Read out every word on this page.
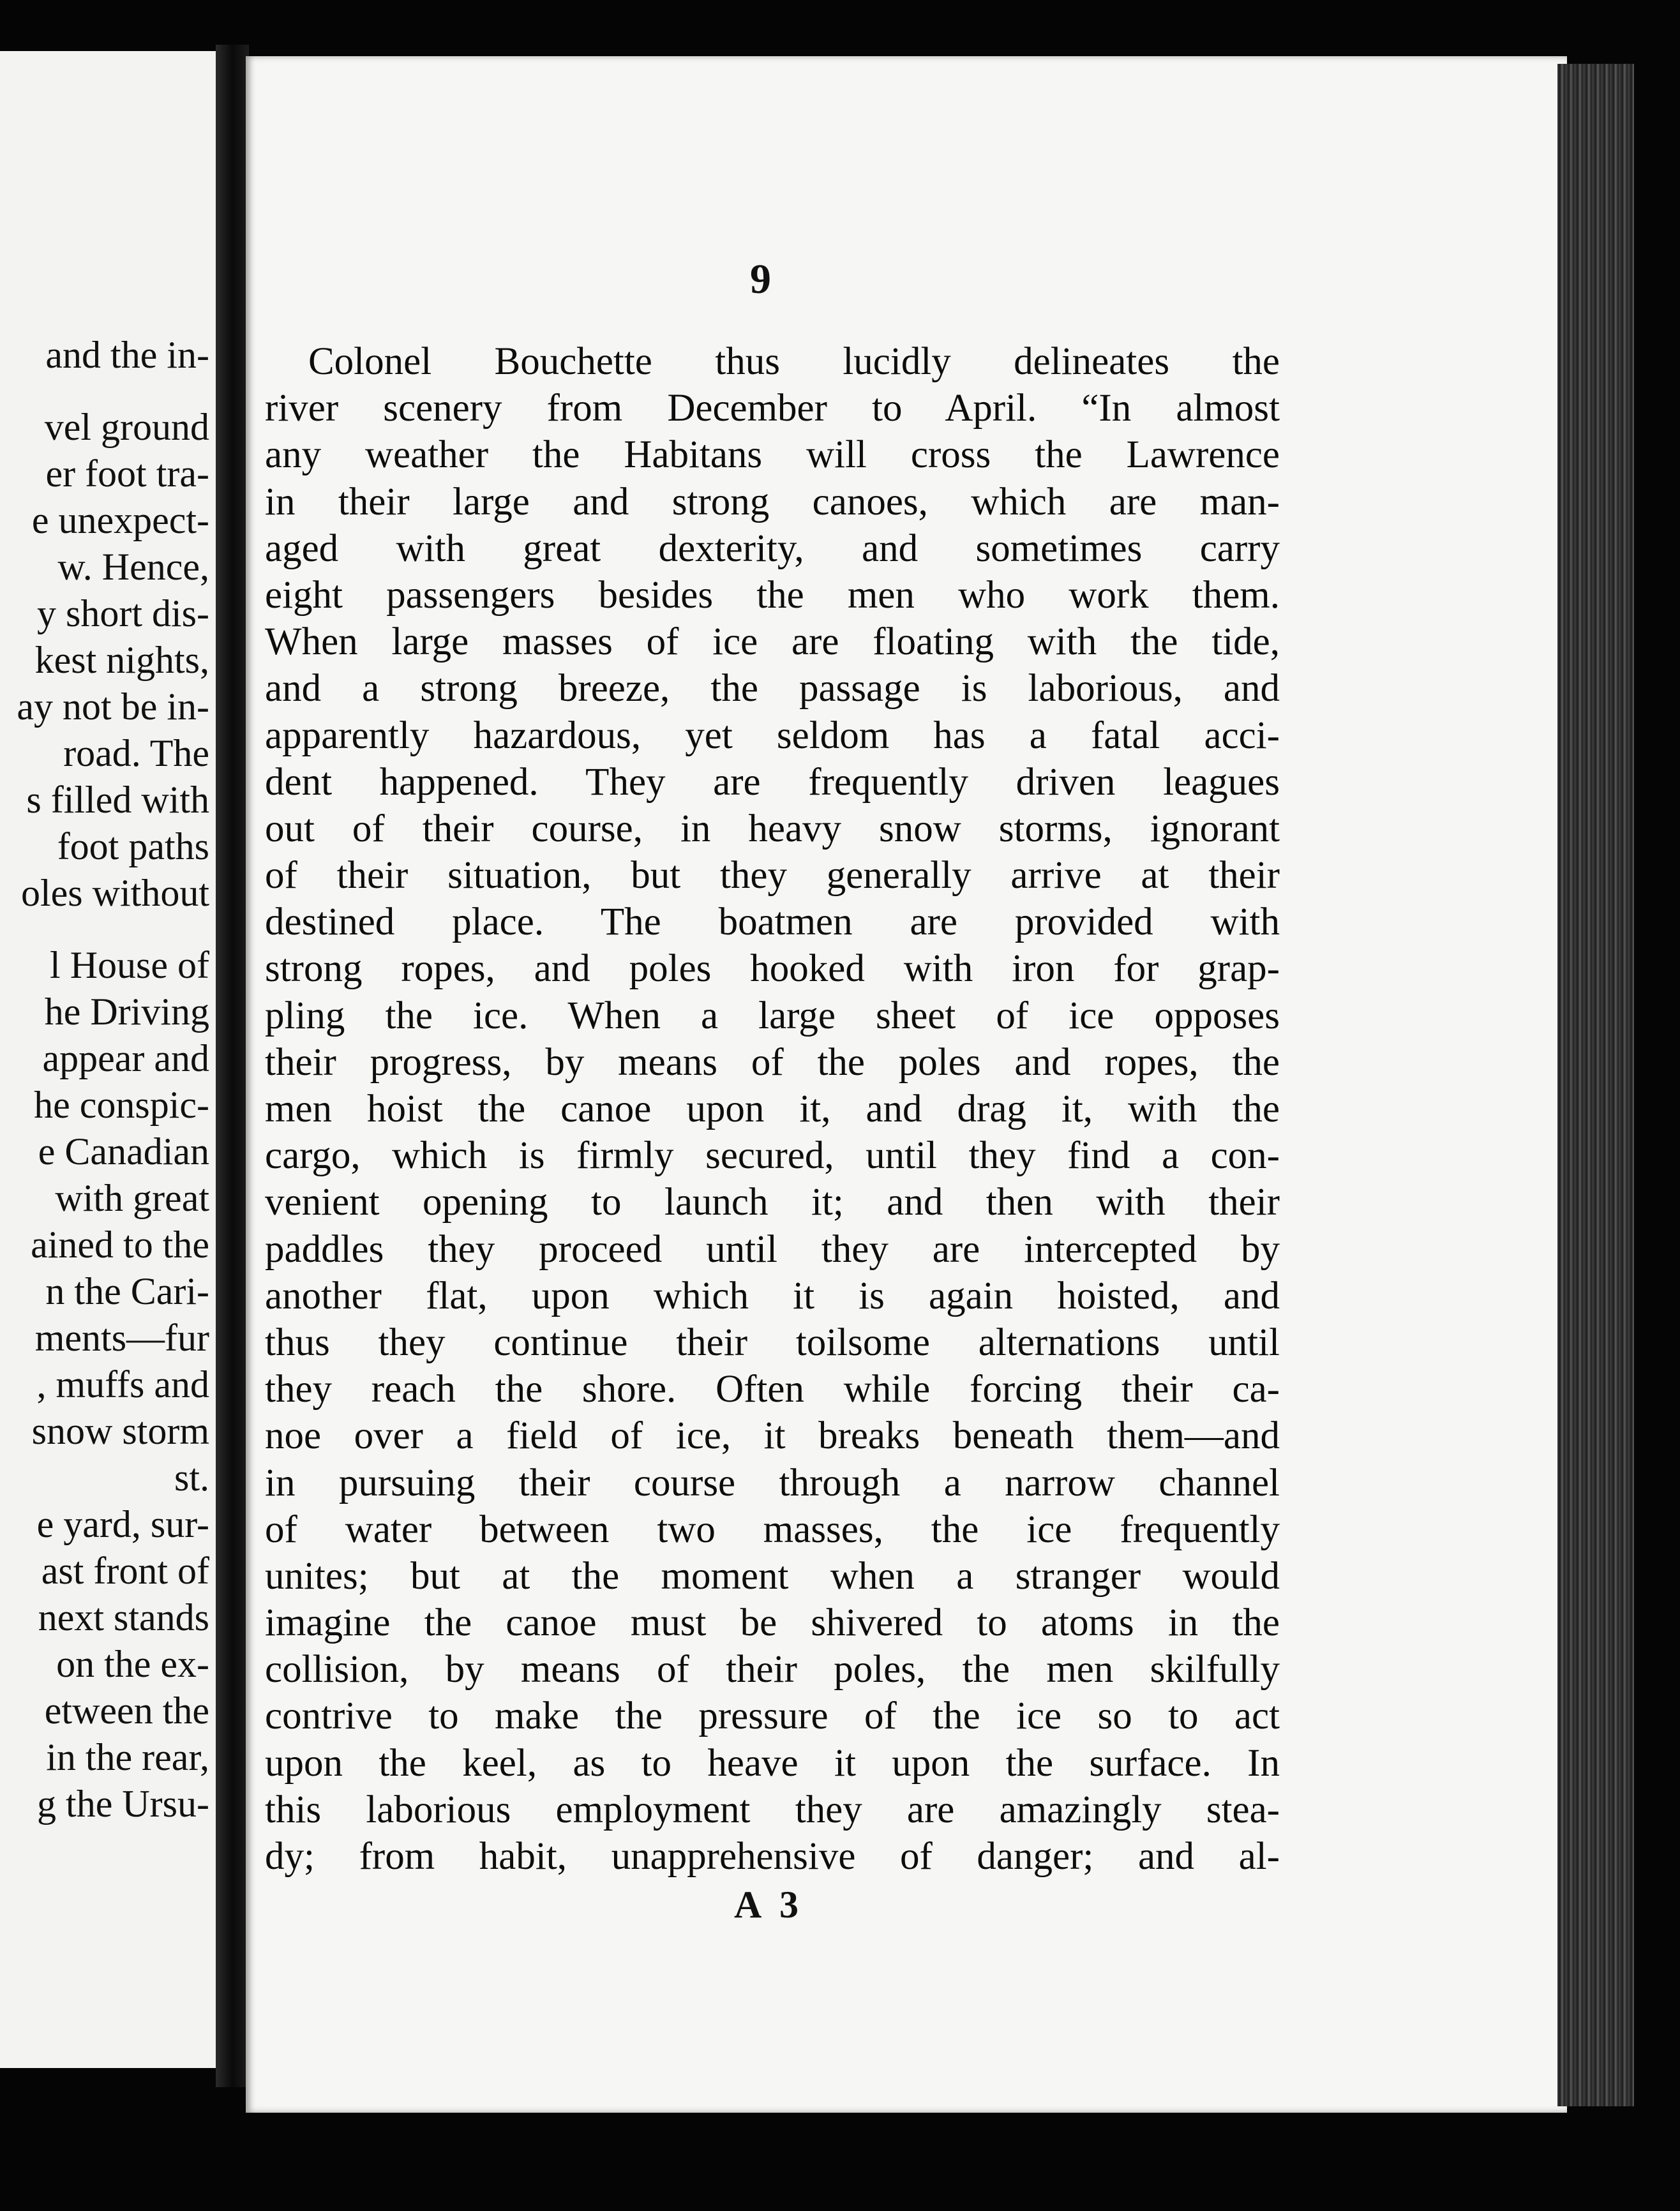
and the in-
vel ground
er foot tra-
e unexpect-
w. Hence,
y short dis-
kest nights,
ay not be in-
road. The
s filled with
foot paths
oles without
l House of
he Driving
appear and
he conspic-
e Canadian
with great
ained to the
n the Cari-
ments—fur
, muffs and
snow storm
st.
e yard, sur-
ast front of
next stands
on the ex-
etween the
in the rear,
g the Ursu-
9
Colonel Bouchette thus lucidly delineates the
river scenery from December to April. “In almost
any weather the Habitans will cross the Lawrence
in their large and strong canoes, which are man-
aged with great dexterity, and sometimes carry
eight passengers besides the men who work them.
When large masses of ice are floating with the tide,
and a strong breeze, the passage is laborious, and
apparently hazardous, yet seldom has a fatal acci-
dent happened. They are frequently driven leagues
out of their course, in heavy snow storms, ignorant
of their situation, but they generally arrive at their
destined place. The boatmen are provided with
strong ropes, and poles hooked with iron for grap-
pling the ice. When a large sheet of ice opposes
their progress, by means of the poles and ropes, the
men hoist the canoe upon it, and drag it, with the
cargo, which is firmly secured, until they find a con-
venient opening to launch it; and then with their
paddles they proceed until they are intercepted by
another flat, upon which it is again hoisted, and
thus they continue their toilsome alternations until
they reach the shore. Often while forcing their ca-
noe over a field of ice, it breaks beneath them—and
in pursuing their course through a narrow channel
of water between two masses, the ice frequently
unites; but at the moment when a stranger would
imagine the canoe must be shivered to atoms in the
collision, by means of their poles, the men skilfully
contrive to make the pressure of the ice so to act
upon the keel, as to heave it upon the surface. In
this laborious employment they are amazingly stea-
dy; from habit, unapprehensive of danger; and al-
A 3
